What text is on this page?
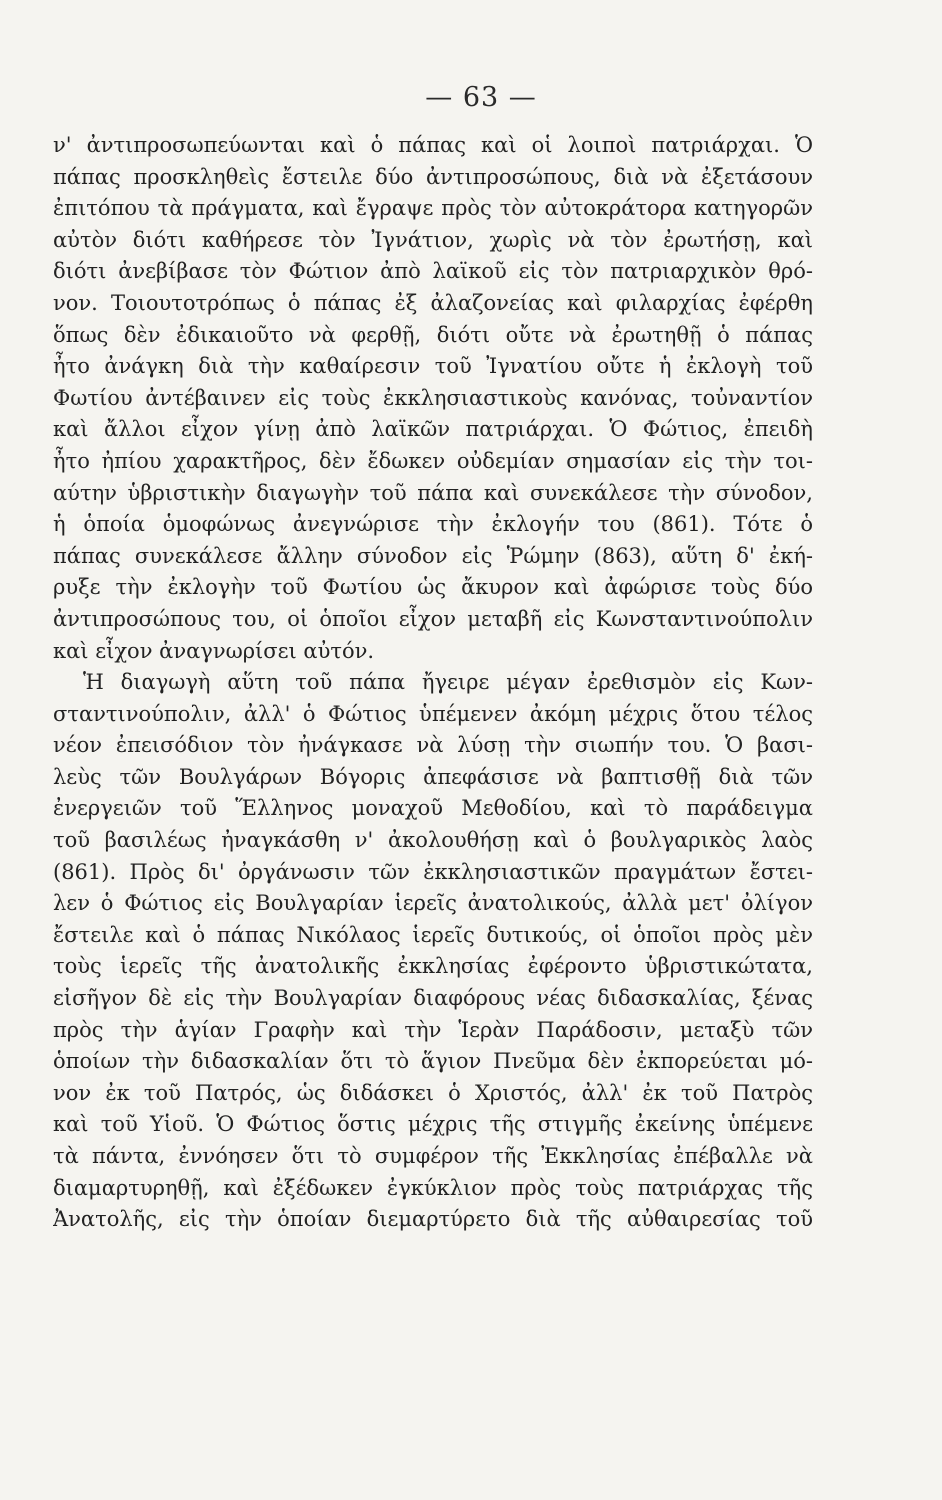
— 63 —
ν' ἀντιπροσωπεύωνται καὶ ὁ πάπας καὶ οἱ λοιποὶ πατριάρχαι. Ὁ
πάπας προσκληθεὶς ἔστειλε δύο ἀντιπροσώπους, διὰ νὰ ἐξετάσουν
ἐπιτόπου τὰ πράγματα, καὶ ἔγραψε πρὸς τὸν αὐτοκράτορα κατηγορῶν
αὐτὸν διότι καθήρεσε τὸν Ἰγνάτιον, χωρὶς νὰ τὸν ἐρωτήσῃ, καὶ
διότι ἀνεβίβασε τὸν Φώτιον ἀπὸ λαϊκοῦ εἰς τὸν πατριαρχικὸν θρό-
νον. Τοιουτοτρόπως ὁ πάπας ἐξ ἀλαζονείας καὶ φιλαρχίας ἐφέρθη
ὅπως δὲν ἐδικαιοῦτο νὰ φερθῇ, διότι οὔτε νὰ ἐρωτηθῇ ὁ πάπας
ἦτο ἀνάγκη διὰ τὴν καθαίρεσιν τοῦ Ἰγνατίου οὔτε ἡ ἐκλογὴ τοῦ
Φωτίου ἀντέβαινεν εἰς τοὺς ἐκκλησιαστικοὺς κανόνας, τοὐναντίον
καὶ ἄλλοι εἶχον γίνῃ ἀπὸ λαϊκῶν πατριάρχαι. Ὁ Φώτιος, ἐπειδὴ
ἦτο ἠπίου χαρακτῆρος, δὲν ἔδωκεν οὐδεμίαν σημασίαν εἰς τὴν τοι-
αύτην ὑβριστικὴν διαγωγὴν τοῦ πάπα καὶ συνεκάλεσε τὴν σύνοδον,
ἡ ὁποία ὁμοφώνως ἀνεγνώρισε τὴν ἐκλογήν του (861). Τότε ὁ
πάπας συνεκάλεσε ἄλλην σύνοδον εἰς Ῥώμην (863), αὕτη δ' ἐκή-
ρυξε τὴν ἐκλογὴν τοῦ Φωτίου ὡς ἄκυρον καὶ ἀφώρισε τοὺς δύο
ἀντιπροσώπους του, οἱ ὁποῖοι εἶχον μεταβῆ εἰς Κωνσταντινούπολιν
καὶ εἶχον ἀναγνωρίσει αὐτόν.
Ἡ διαγωγὴ αὕτη τοῦ πάπα ἤγειρε μέγαν ἐρεθισμὸν εἰς Κων-
σταντινούπολιν, ἀλλ' ὁ Φώτιος ὑπέμενεν ἀκόμη μέχρις ὅτου τέλος
νέον ἐπεισόδιον τὸν ἠνάγκασε νὰ λύσῃ τὴν σιωπήν του. Ὁ βασι-
λεὺς τῶν Βουλγάρων Βόγορις ἀπεφάσισε νὰ βαπτισθῇ διὰ τῶν
ἐνεργειῶν τοῦ Ἕλληνος μοναχοῦ Μεθοδίου, καὶ τὸ παράδειγμα
τοῦ βασιλέως ἠναγκάσθη ν' ἀκολουθήσῃ καὶ ὁ βουλγαρικὸς λαὸς
(861). Πρὸς δι' ὀργάνωσιν τῶν ἐκκλησιαστικῶν πραγμάτων ἔστει-
λεν ὁ Φώτιος εἰς Βουλγαρίαν ἱερεῖς ἀνατολικούς, ἀλλὰ μετ' ὀλίγον
ἔστειλε καὶ ὁ πάπας Νικόλαος ἱερεῖς δυτικούς, οἱ ὁποῖοι πρὸς μὲν
τοὺς ἱερεῖς τῆς ἀνατολικῆς ἐκκλησίας ἐφέροντο ὑβριστικώτατα,
εἰσῆγον δὲ εἰς τὴν Βουλγαρίαν διαφόρους νέας διδασκαλίας, ξένας
πρὸς τὴν ἁγίαν Γραφὴν καὶ τὴν Ἱερὰν Παράδοσιν, μεταξὺ τῶν
ὁποίων τὴν διδασκαλίαν ὅτι τὸ ἅγιον Πνεῦμα δὲν ἐκπορεύεται μό-
νον ἐκ τοῦ Πατρός, ὡς διδάσκει ὁ Χριστός, ἀλλ' ἐκ τοῦ Πατρὸς
καὶ τοῦ Υἱοῦ. Ὁ Φώτιος ὅστις μέχρις τῆς στιγμῆς ἐκείνης ὑπέμενε
τὰ πάντα, ἐννόησεν ὅτι τὸ συμφέρον τῆς Ἐκκλησίας ἐπέβαλλε νὰ
διαμαρτυρηθῇ, καὶ ἐξέδωκεν ἐγκύκλιον πρὸς τοὺς πατριάρχας τῆς
Ἀνατολῆς, εἰς τὴν ὁποίαν διεμαρτύρετο διὰ τῆς αὐθαιρεσίας τοῦ
